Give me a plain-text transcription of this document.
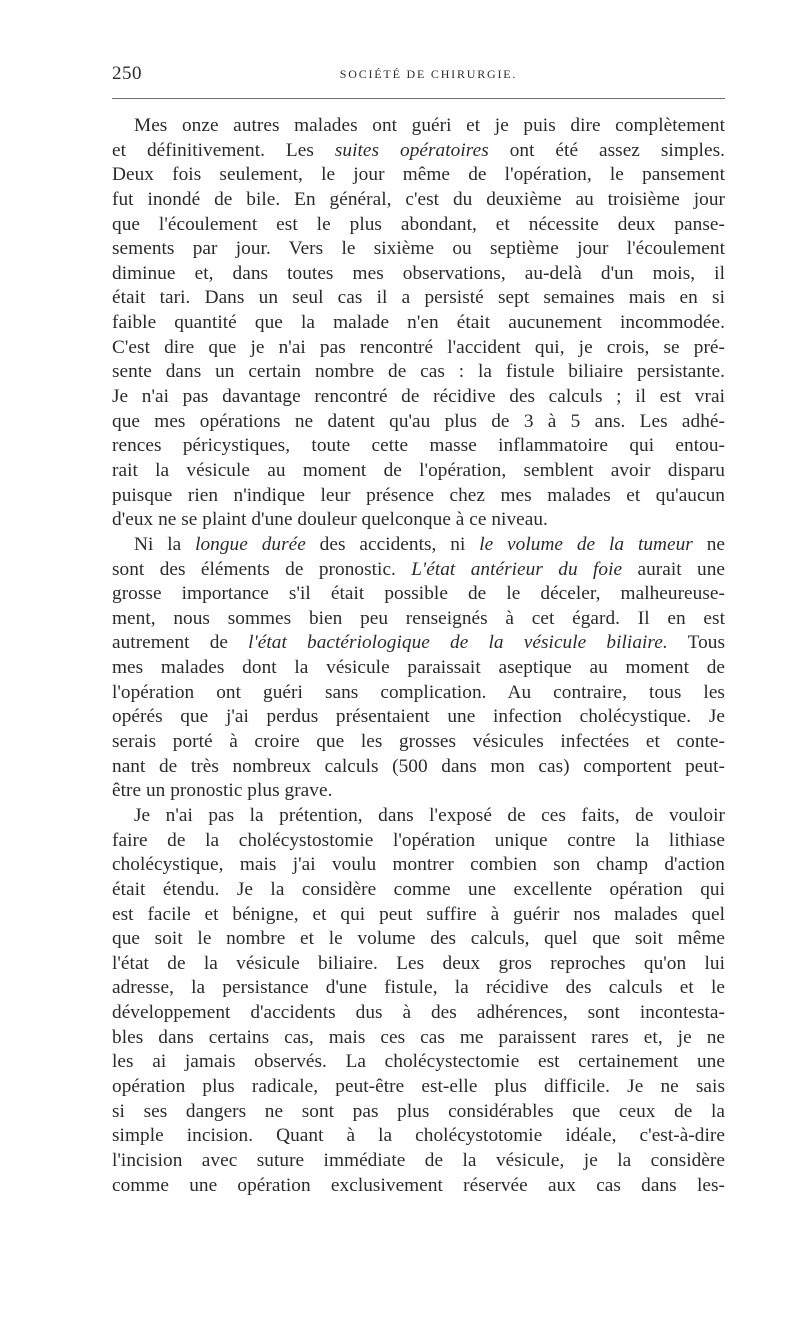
250	SOCIÉTÉ DE CHIRURGIE.
Mes onze autres malades ont guéri et je puis dire complètement
et définitivement. Les suites opératoires ont été assez simples.
Deux fois seulement, le jour même de l'opération, le pansement
fut inondé de bile. En général, c'est du deuxième au troisième jour
que l'écoulement est le plus abondant, et nécessite deux panse-
sements par jour. Vers le sixième ou septième jour l'écoulement
diminue et, dans toutes mes observations, au-delà d'un mois, il
était tari. Dans un seul cas il a persisté sept semaines mais en si
faible quantité que la malade n'en était aucunement incommodée.
C'est dire que je n'ai pas rencontré l'accident qui, je crois, se pré-
sente dans un certain nombre de cas : la fistule biliaire persistante.
Je n'ai pas davantage rencontré de récidive des calculs ; il est vrai
que mes opérations ne datent qu'au plus de 3 à 5 ans. Les adhé-
rences péricystiques, toute cette masse inflammatoire qui entou-
rait la vésicule au moment de l'opération, semblent avoir disparu
puisque rien n'indique leur présence chez mes malades et qu'aucun
d'eux ne se plaint d'une douleur quelconque à ce niveau.
Ni la longue durée des accidents, ni le volume de la tumeur ne
sont des éléments de pronostic. L'état antérieur du foie aurait une
grosse importance s'il était possible de le déceler, malheureuse-
ment, nous sommes bien peu renseignés à cet égard. Il en est
autrement de l'état bactériologique de la vésicule biliaire. Tous
mes malades dont la vésicule paraissait aseptique au moment de
l'opération ont guéri sans complication. Au contraire, tous les
opérés que j'ai perdus présentaient une infection cholécystique. Je
serais porté à croire que les grosses vésicules infectées et conte-
nant de très nombreux calculs (500 dans mon cas) comportent peut-
être un pronostic plus grave.
Je n'ai pas la prétention, dans l'exposé de ces faits, de vouloir
faire de la cholécystostomie l'opération unique contre la lithiase
cholécystique, mais j'ai voulu montrer combien son champ d'action
était étendu. Je la considère comme une excellente opération qui
est facile et bénigne, et qui peut suffire à guérir nos malades quel
que soit le nombre et le volume des calculs, quel que soit même
l'état de la vésicule biliaire. Les deux gros reproches qu'on lui
adresse, la persistance d'une fistule, la récidive des calculs et le
développement d'accidents dus à des adhérences, sont incontesta-
bles dans certains cas, mais ces cas me paraissent rares et, je ne
les ai jamais observés. La cholécystectomie est certainement une
opération plus radicale, peut-être est-elle plus difficile. Je ne sais
si ses dangers ne sont pas plus considérables que ceux de la
simple incision. Quant à la cholécystotomie idéale, c'est-à-dire
l'incision avec suture immédiate de la vésicule, je la considère
comme une opération exclusivement réservée aux cas dans les-
